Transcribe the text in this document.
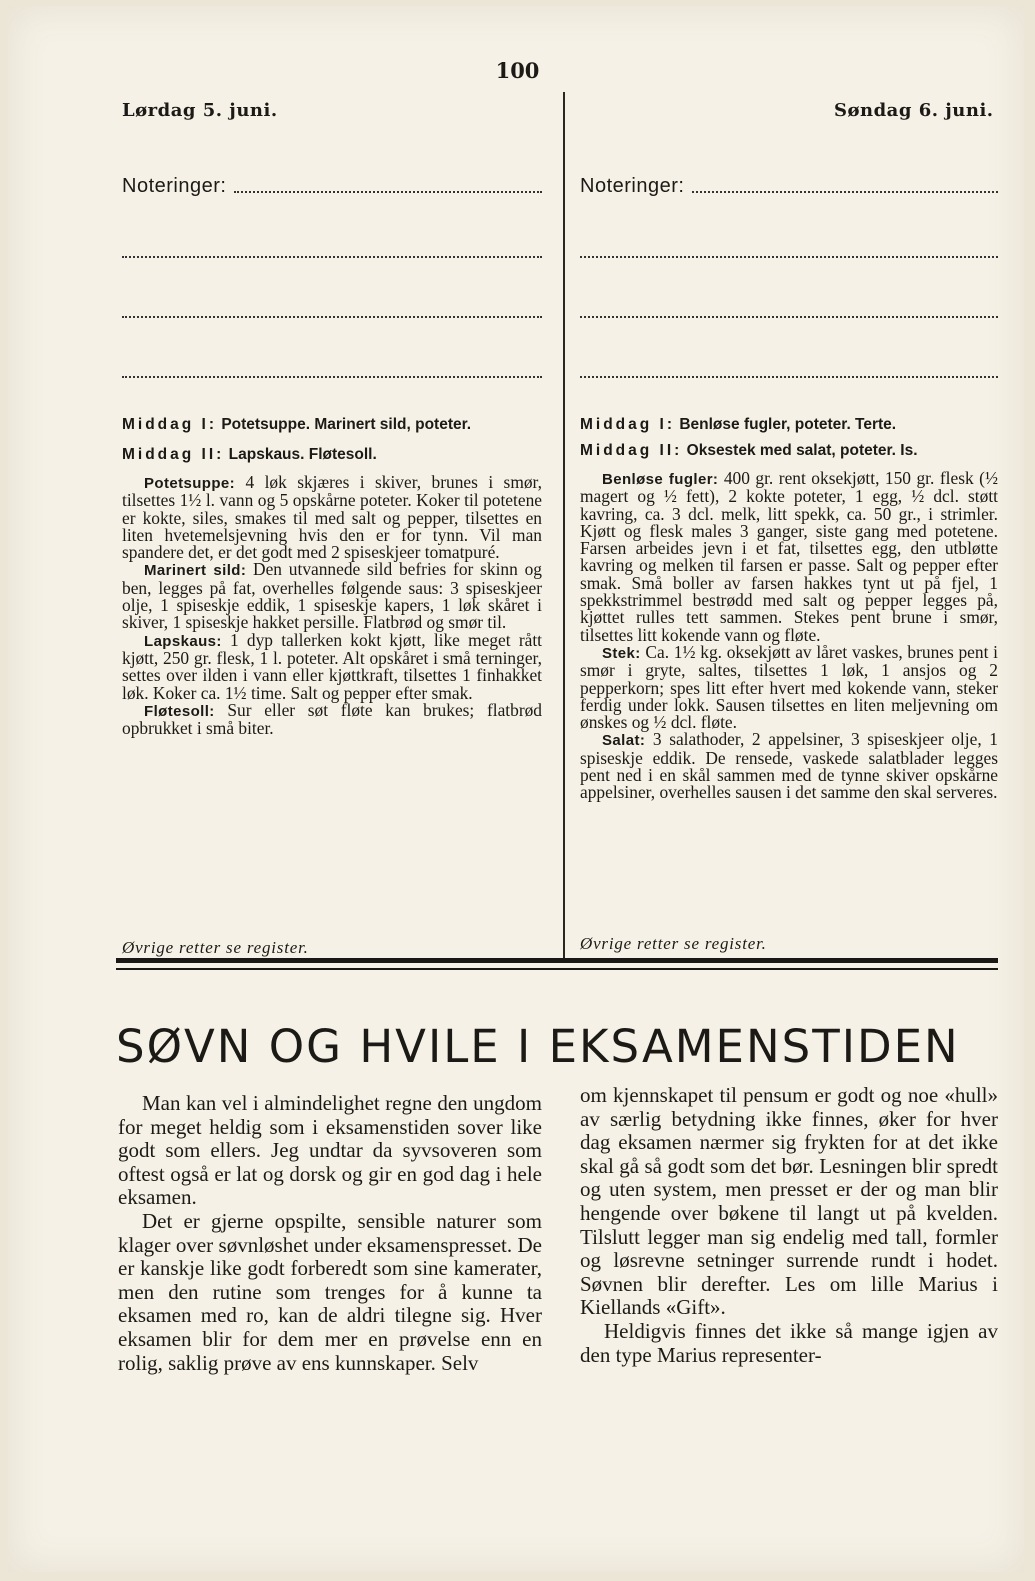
100
Lørdag 5. juni.	Søndag 6. juni.
Noteringer:

Middag I: Potetsuppe. Marinert sild, poteter.

Middag II: Lapskaus. Fløtesoll.

Potetsuppe: 4 løk skjæres i skiver, brunes i smør, tilsettes 1½ l. vann og 5 opskårne poteter. Koker til potetene er kokte, siles, smakes til med salt og pepper, tilsettes en liten hvetemelsjevning hvis den er for tynn. Vil man spandere det, er det godt med 2 spiseskjeer tomatpuré.

Marinert sild: Den utvannede sild befries for skinn og ben, legges på fat, overhelles følgende saus: 3 spiseskjeer olje, 1 spiseskje eddik, 1 spiseskje kapers, 1 løk skåret i skiver, 1 spiseskje hakket persille. Flatbrød og smør til.

Lapskaus: 1 dyp tallerken kokt kjøtt, like meget rått kjøtt, 250 gr. flesk, 1 l. poteter. Alt opskåret i små terninger, settes over ilden i vann eller kjøttkraft, tilsettes 1 finhakket løk. Koker ca. 1½ time. Salt og pepper efter smak.

Fløtesoll: Sur eller søt fløte kan brukes; flatbrød opbrukket i små biter.

Øvrige retter se register.
Noteringer:

Middag I: Benløse fugler, poteter. Terte.

Middag II: Oksestek med salat, poteter. Is.

Benløse fugler: 400 gr. rent oksekjøtt, 150 gr. flesk (½ magert og ½ fett), 2 kokte poteter, 1 egg, ½ dcl. støtt kavring, ca. 3 dcl. melk, litt spekk, ca. 50 gr., i strimler. Kjøtt og flesk males 3 ganger, siste gang med potetene. Farsen arbeides jevn i et fat, tilsettes egg, den utbløtte kavring og melken til farsen er passe. Salt og pepper efter smak. Små boller av farsen hakkes tynt ut på fjel, 1 spekkstrimmel bestrødd med salt og pepper legges på, kjøttet rulles tett sammen. Stekes pent brune i smør, tilsettes litt kokende vann og fløte.

Stek: Ca. 1½ kg. oksekjøtt av låret vaskes, brunes pent i smør i gryte, saltes, tilsettes 1 løk, 1 ansjos og 2 pepperkorn; spes litt efter hvert med kokende vann, steker ferdig under lokk. Sausen tilsettes en liten meljevning om ønskes og ½ dcl. fløte.

Salat: 3 salathoder, 2 appelsiner, 3 spiseskjeer olje, 1 spiseskje eddik. De rensede, vaskede salatblader legges pent ned i en skål sammen med de tynne skiver opskårne appelsiner, overhelles sausen i det samme den skal serveres.

Øvrige retter se register.
SØVN OG HVILE I EKSAMENSTIDEN

Man kan vel i almindelighet regne den ungdom for meget heldig som i eksamenstiden sover like godt som ellers. Jeg undtar da syvsoveren som oftest også er lat og dorsk og gir en god dag i hele eksamen.

Det er gjerne opspilte, sensible naturer som klager over søvnløshet under eksamenspresset. De er kanskje like godt forberedt som sine kamerater, men den rutine som trenges for å kunne ta eksamen med ro, kan de aldri tilegne sig. Hver eksamen blir for dem mer en prøvelse enn en rolig, saklig prøve av ens kunnskaper. Selv

om kjennskapet til pensum er godt og noe «hull» av særlig betydning ikke finnes, øker for hver dag eksamen nærmer sig frykten for at det ikke skal gå så godt som det bør. Lesningen blir spredt og uten system, men presset er der og man blir hengende over bøkene til langt ut på kvelden. Tilslutt legger man sig endelig med tall, formler og løsrevne setninger surrende rundt i hodet. Søvnen blir derefter. Les om lille Marius i Kiellands «Gift».

Heldigvis finnes det ikke så mange igjen av den type Marius representer-
